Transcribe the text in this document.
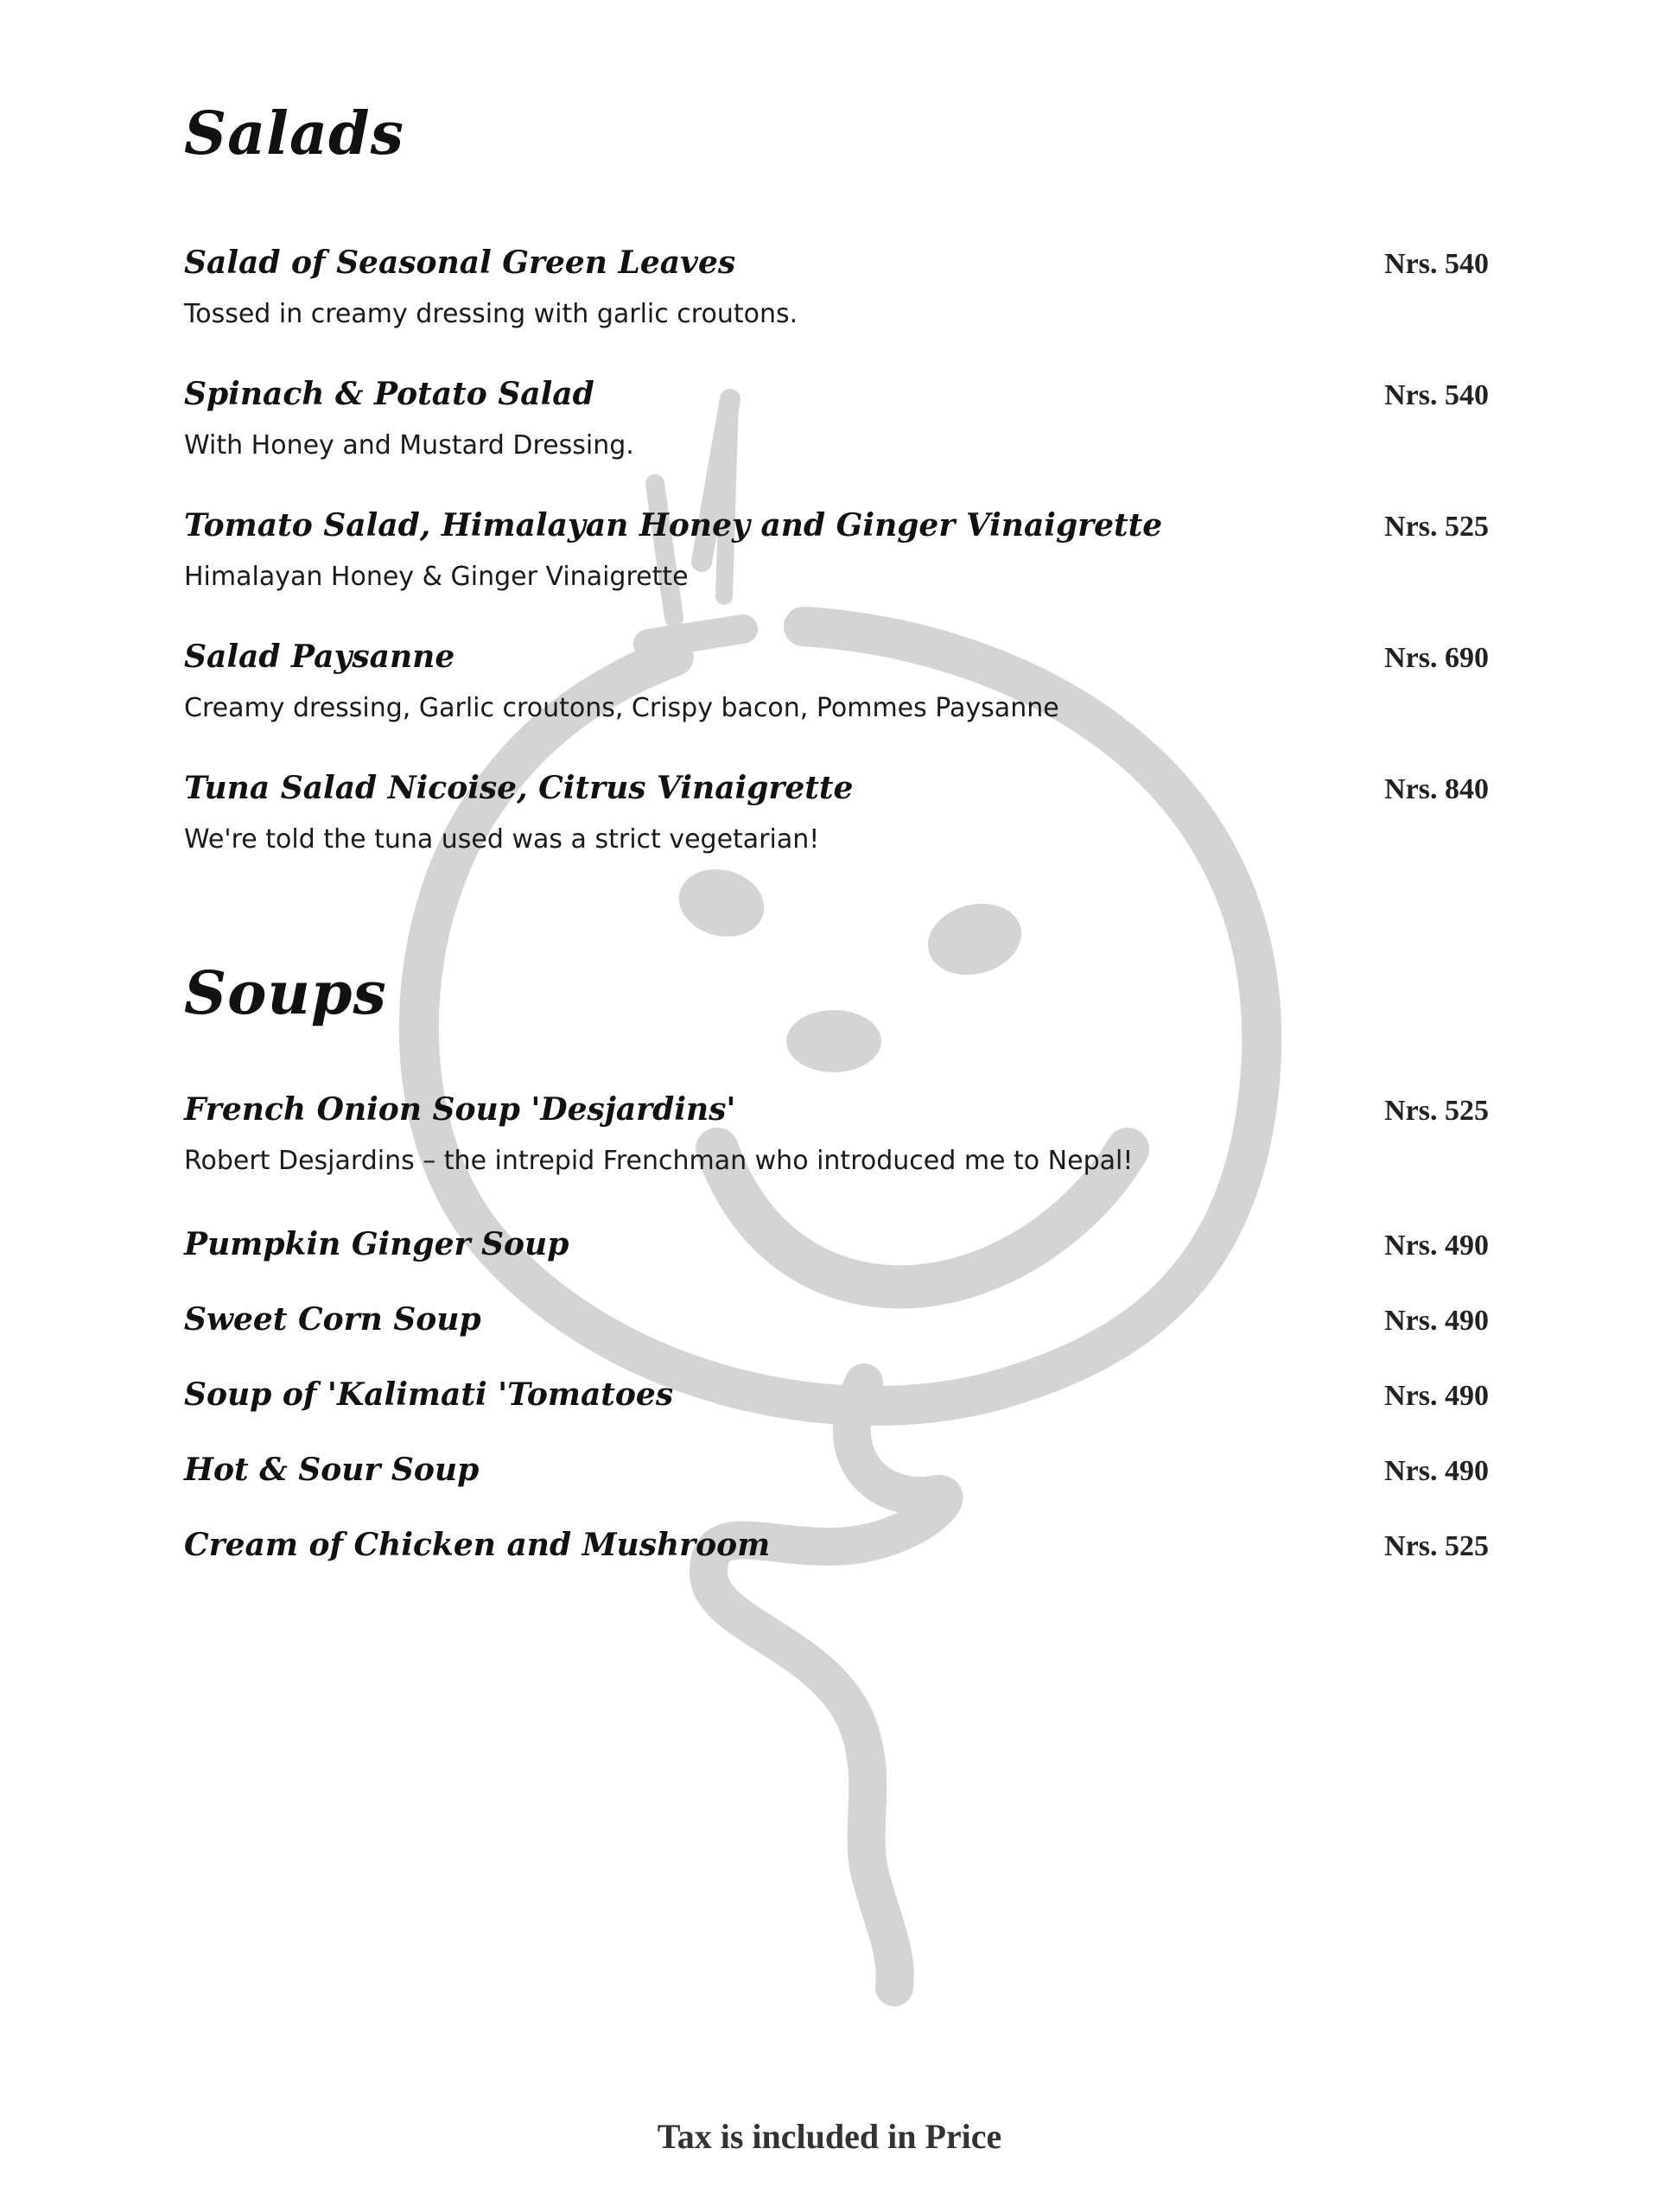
Salads
Salad of Seasonal Green Leaves	Nrs. 540
Tossed in creamy dressing with garlic croutons.
Spinach & Potato Salad	Nrs. 540
With Honey and Mustard Dressing.
Tomato Salad, Himalayan Honey and Ginger Vinaigrette	Nrs. 525
Himalayan Honey & Ginger Vinaigrette
Salad Paysanne	Nrs. 690
Creamy dressing, Garlic croutons, Crispy bacon, Pommes Paysanne
Tuna Salad Nicoise, Citrus Vinaigrette	Nrs. 840
We're told the tuna used was a strict vegetarian!
Soups
French Onion Soup 'Desjardins'	Nrs. 525
Robert Desjardins – the intrepid Frenchman who introduced me to Nepal!
Pumpkin Ginger Soup	Nrs. 490
Sweet Corn Soup	Nrs. 490
Soup of 'Kalimati 'Tomatoes	Nrs. 490
Hot & Sour Soup	Nrs. 490
Cream of Chicken and Mushroom	Nrs. 525
Tax is included in Price
